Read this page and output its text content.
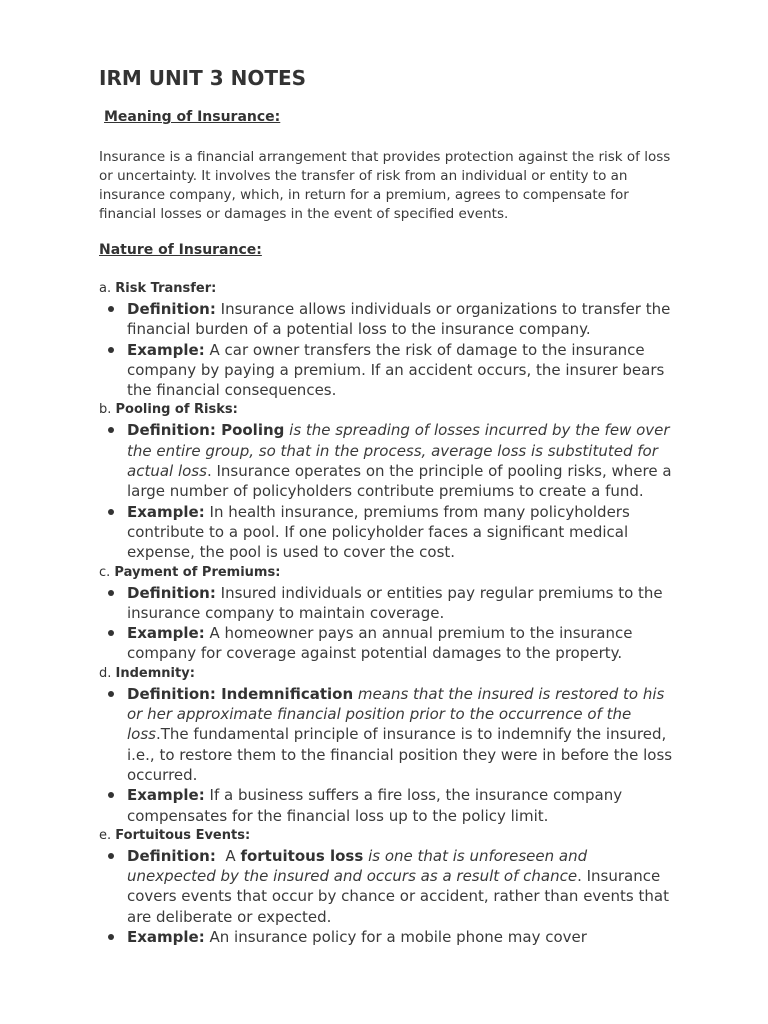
IRM UNIT 3 NOTES

Meaning of Insurance:

Insurance is a financial arrangement that provides protection against the risk of loss or uncertainty. It involves the transfer of risk from an individual or entity to an insurance company, which, in return for a premium, agrees to compensate for financial losses or damages in the event of specified events.

Nature of Insurance:

a. Risk Transfer:

Definition: Insurance allows individuals or organizations to transfer the financial burden of a potential loss to the insurance company.
Example: A car owner transfers the risk of damage to the insurance company by paying a premium. If an accident occurs, the insurer bears the financial consequences.

b. Pooling of Risks:

Definition: Pooling is the spreading of losses incurred by the few over the entire group, so that in the process, average loss is substituted for actual loss. Insurance operates on the principle of pooling risks, where a large number of policyholders contribute premiums to create a fund.
Example: In health insurance, premiums from many policyholders contribute to a pool. If one policyholder faces a significant medical expense, the pool is used to cover the cost.

c. Payment of Premiums:

Definition: Insured individuals or entities pay regular premiums to the insurance company to maintain coverage.
Example: A homeowner pays an annual premium to the insurance company for coverage against potential damages to the property.

d. Indemnity:

Definition: Indemnification means that the insured is restored to his or her approximate financial position prior to the occurrence of the loss.The fundamental principle of insurance is to indemnify the insured, i.e., to restore them to the financial position they were in before the loss occurred.
Example: If a business suffers a fire loss, the insurance company compensates for the financial loss up to the policy limit.

e. Fortuitous Events:

Definition: A fortuitous loss is one that is unforeseen and unexpected by the insured and occurs as a result of chance. Insurance covers events that occur by chance or accident, rather than events that are deliberate or expected.
Example: An insurance policy for a mobile phone may cover
